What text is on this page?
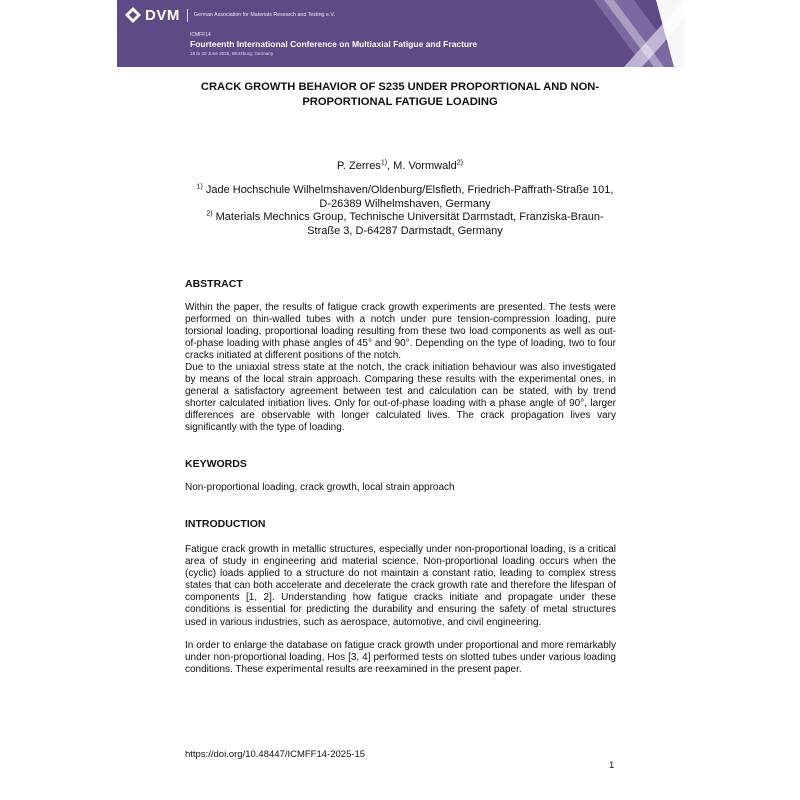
DVM	German Association for Materials Research and Testing e.V.
ICMFF14
Fourteenth International Conference on Multiaxial Fatigue and Fracture
18 to 20 June 2025, Würzburg, Germany
CRACK GROWTH BEHAVIOR OF S235 UNDER PROPORTIONAL AND NON-
PROPORTIONAL FATIGUE LOADING
P. Zerres$^{1)}$, M. Vormwald$^{2)}$
$^{1)}$ Jade Hochschule Wilhelmshaven/Oldenburg/Elsfleth, Friedrich-Paffrath-Straße 101, D-26389 Wilhelmshaven, Germany
$^{2)}$ Materials Mechnics Group, Technische Universität Darmstadt, Franziska-Braun-Straße 3, D-64287 Darmstadt, Germany
ABSTRACT

Within the paper, the results of fatigue crack growth experiments are presented. The tests were performed on thin-walled tubes with a notch under pure tension-compression loading, pure torsional loading, proportional loading resulting from these two load components as well as out-of-phase loading with phase angles of 45° and 90°. Depending on the type of loading, two to four cracks initiated at different positions of the notch.

Due to the uniaxial stress state at the notch, the crack initiation behaviour was also investigated by means of the local strain approach. Comparing these results with the experimental ones, in general a satisfactory agreement between test and calculation can be stated, with by trend shorter calculated initiation lives. Only for out-of-phase loading with a phase angle of 90°, larger differences are observable with longer calculated lives. The crack propagation lives vary significantly with the type of loading.

KEYWORDS

Non-proportional loading, crack growth, local strain approach

INTRODUCTION

Fatigue crack growth in metallic structures, especially under non-proportional loading, is a critical area of study in engineering and material science. Non-proportional loading occurs when the (cyclic) loads applied to a structure do not maintain a constant ratio, leading to complex stress states that can both accelerate and decelerate the crack growth rate and therefore the lifespan of components [1, 2]. Understanding how fatigue cracks initiate and propagate under these conditions is essential for predicting the durability and ensuring the safety of metal structures used in various industries, such as aerospace, automotive, and civil engineering.

In order to enlarge the database on fatigue crack growth under proportional and more remarkably under non-proportional loading, Hos [3, 4] performed tests on slotted tubes under various loading conditions. These experimental results are reexamined in the present paper.

https://doi.org/10.48447/ICMFF14-2025-15
1
